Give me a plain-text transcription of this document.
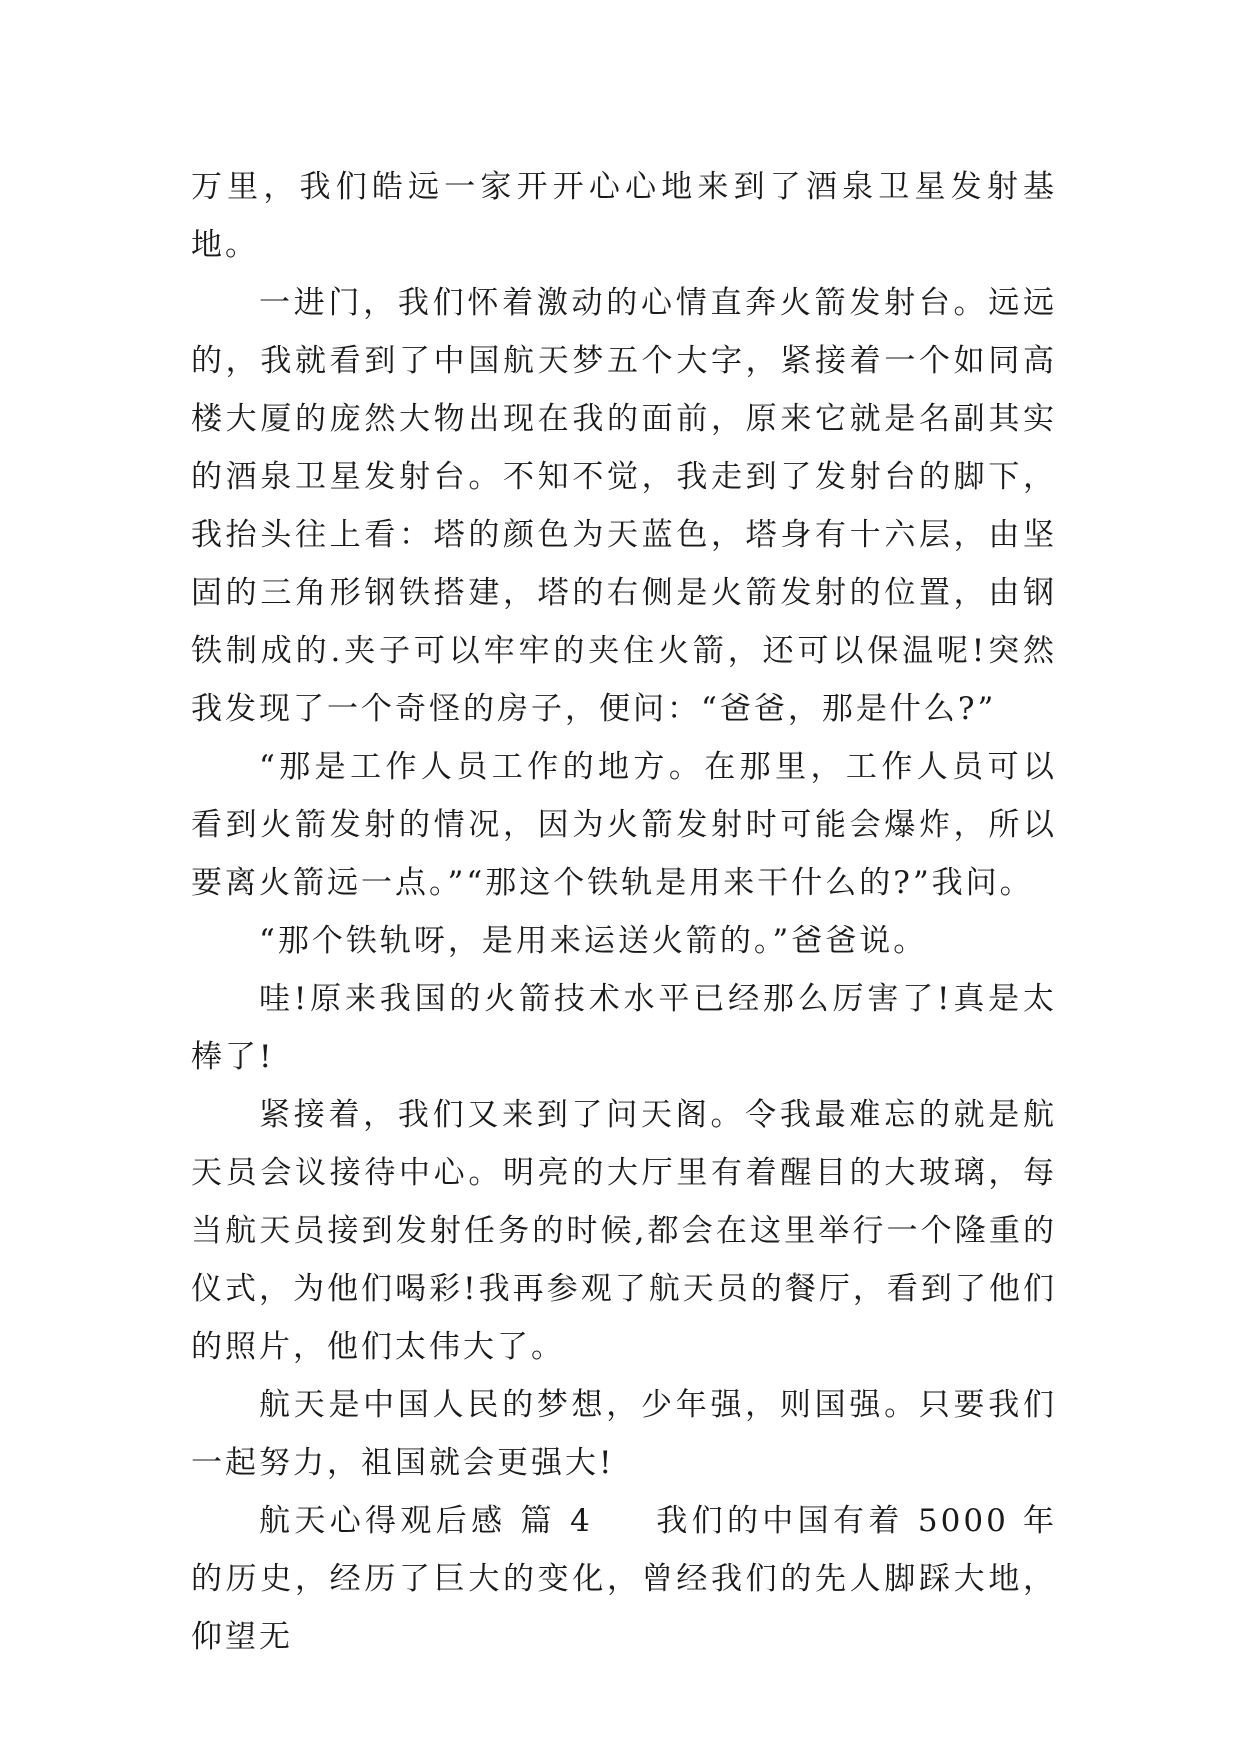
万里，我们皓远一家开开心心地来到了酒泉卫星发射基地。

一进门，我们怀着激动的心情直奔火箭发射台。远远的，我就看到了中国航天梦五个大字，紧接着一个如同高楼大厦的庞然大物出现在我的面前，原来它就是名副其实的酒泉卫星发射台。不知不觉，我走到了发射台的脚下，我抬头往上看：塔的颜色为天蓝色，塔身有十六层，由坚固的三角形钢铁搭建，塔的右侧是火箭发射的位置，由钢铁制成的.夹子可以牢牢的夹住火箭，还可以保温呢!突然我发现了一个奇怪的房子，便问：“爸爸，那是什么?”

“那是工作人员工作的地方。在那里，工作人员可以看到火箭发射的情况，因为火箭发射时可能会爆炸，所以要离火箭远一点。”“那这个铁轨是用来干什么的?”我问。

“那个铁轨呀，是用来运送火箭的。”爸爸说。

哇!原来我国的火箭技术水平已经那么厉害了!真是太棒了!

紧接着，我们又来到了问天阁。令我最难忘的就是航天员会议接待中心。明亮的大厅里有着醒目的大玻璃，每当航天员接到发射任务的时候,都会在这里举行一个隆重的仪式，为他们喝彩!我再参观了航天员的餐厅，看到了他们的照片，他们太伟大了。

航天是中国人民的梦想，少年强，则国强。只要我们一起努力，祖国就会更强大!

航天心得观后感 篇 4 我们的中国有着 5000 年的历史，经历了巨大的变化，曾经我们的先人脚踩大地，仰望无
